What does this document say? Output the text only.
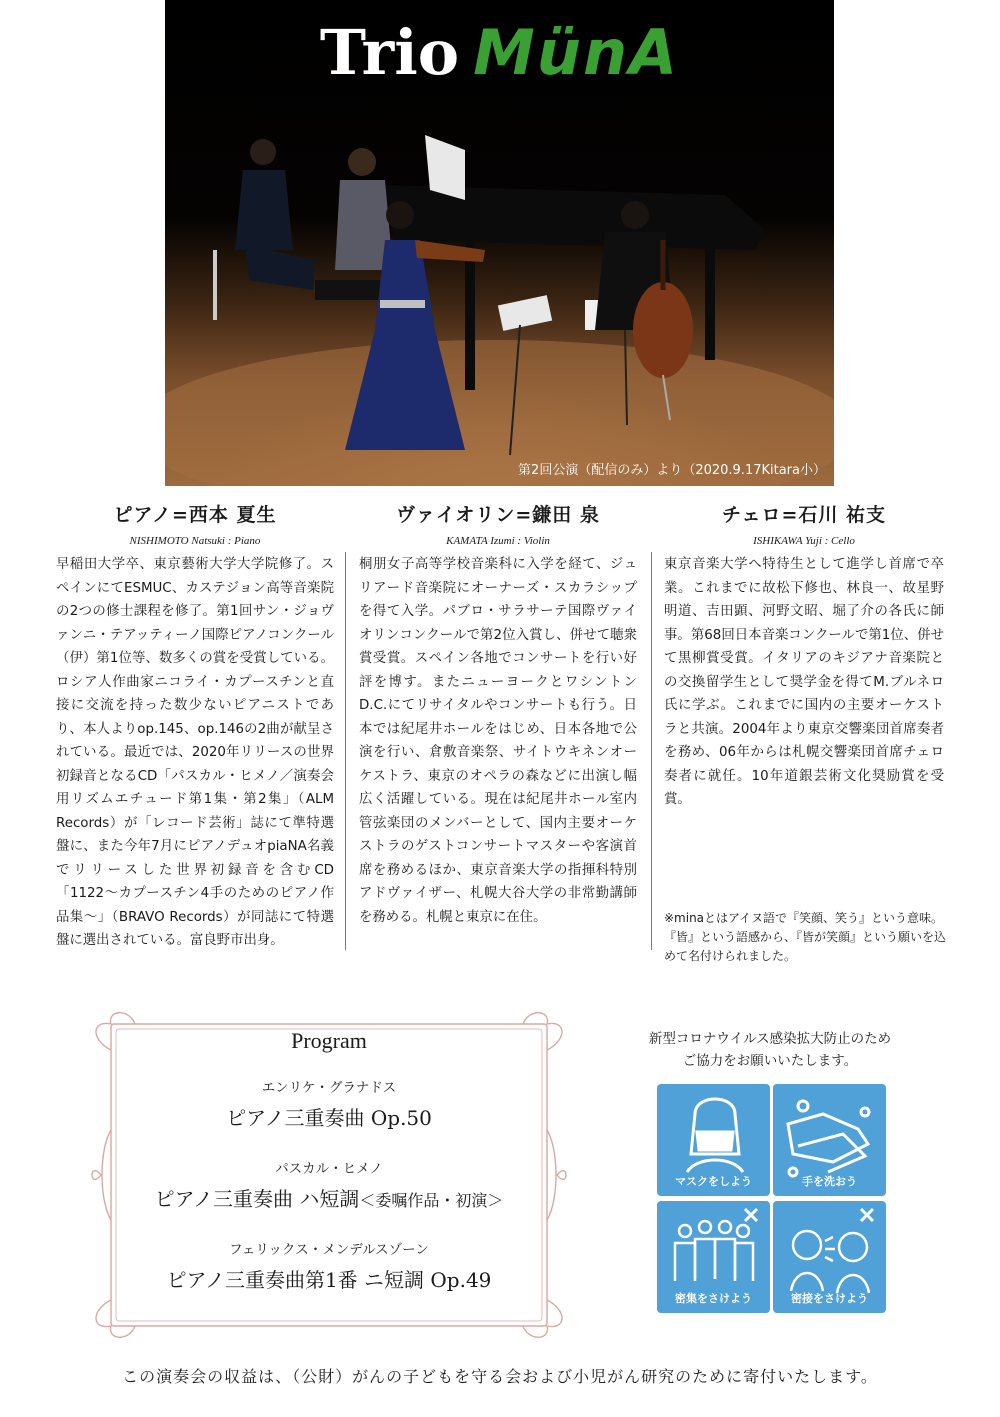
Trio MünA
第2回公演（配信のみ）より（2020.9.17Kitara小）
ピアノ=西本 夏生
NISHIMOTO Natsuki : Piano

早稲田大学卒、東京藝術大学大学院修了。スペインにてESMUC、カステジョン高等音楽院の2つの修士課程を修了。第1回サン・ジョヴァンニ・テアッティーノ国際ピアノコンクール（伊）第1位等、数多くの賞を受賞している。ロシア人作曲家ニコライ・カプースチンと直接に交流を持った数少ないピアニストであり、本人よりop.145、op.146の2曲が献呈されている。最近では、2020年リリースの世界初録音となるCD「パスカル・ヒメノ／演奏会用リズムエチュード第1集・第2集」（ALM Records）が「レコード芸術」誌にて準特選盤に、また今年7月にピアノデュオpiaNA名義でリリースした世界初録音を含むCD「1122〜カプースチン4手のためのピアノ作品集〜」（BRAVO Records）が同誌にて特選盤に選出されている。富良野市出身。

ヴァイオリン=鎌田 泉
KAMATA Izumi : Violin

桐朋女子高等学校音楽科に入学を経て、ジュリアード音楽院にオーナーズ・スカラシップを得て入学。パブロ・サラサーテ国際ヴァイオリンコンクールで第2位入賞し、併せて聴衆賞受賞。スペイン各地でコンサートを行い好評を博す。またニューヨークとワシントンD.C.にてリサイタルやコンサートも行う。日本では紀尾井ホールをはじめ、日本各地で公演を行い、倉敷音楽祭、サイトウキネンオーケストラ、東京のオペラの森などに出演し幅広く活躍している。現在は紀尾井ホール室内管弦楽団のメンバーとして、国内主要オーケストラのゲストコンサートマスターや客演首席を務めるほか、東京音楽大学の指揮科特別アドヴァイザー、札幌大谷大学の非常勤講師を務める。札幌と東京に在住。

チェロ=石川 祐支
ISHIKAWA Yuji : Cello

東京音楽大学へ特待生として進学し首席で卒業。これまでに故松下修也、林良一、故星野明道、吉田顕、河野文昭、堀了介の各氏に師事。第68回日本音楽コンクールで第1位、併せて黒柳賞受賞。イタリアのキジアナ音楽院との交換留学生として奨学金を得てM.ブルネロ氏に学ぶ。これまでに国内の主要オーケストラと共演。2004年より東京交響楽団首席奏者を務め、06年からは札幌交響楽団首席チェロ奏者に就任。10年道銀芸術文化奨励賞を受賞。

※minaとはアイヌ語で『笑顔、笑う』という意味。『皆』という語感から、『皆が笑顔』という願いを込めて名付けられました。
Program
エンリケ・グラナドス
ピアノ三重奏曲 Op.50
パスカル・ヒメノ
ピアノ三重奏曲 ハ短調＜委嘱作品・初演＞
フェリックス・メンデルスゾーン
ピアノ三重奏曲第1番 ニ短調 Op.49
新型コロナウイルス感染拡大防止のため
ご協力をお願いいたします。
マスクをしよう	手を洗おう
密集をさけよう	密接をさけよう
この演奏会の収益は、（公財）がんの子どもを守る会および小児がん研究のために寄付いたします。
